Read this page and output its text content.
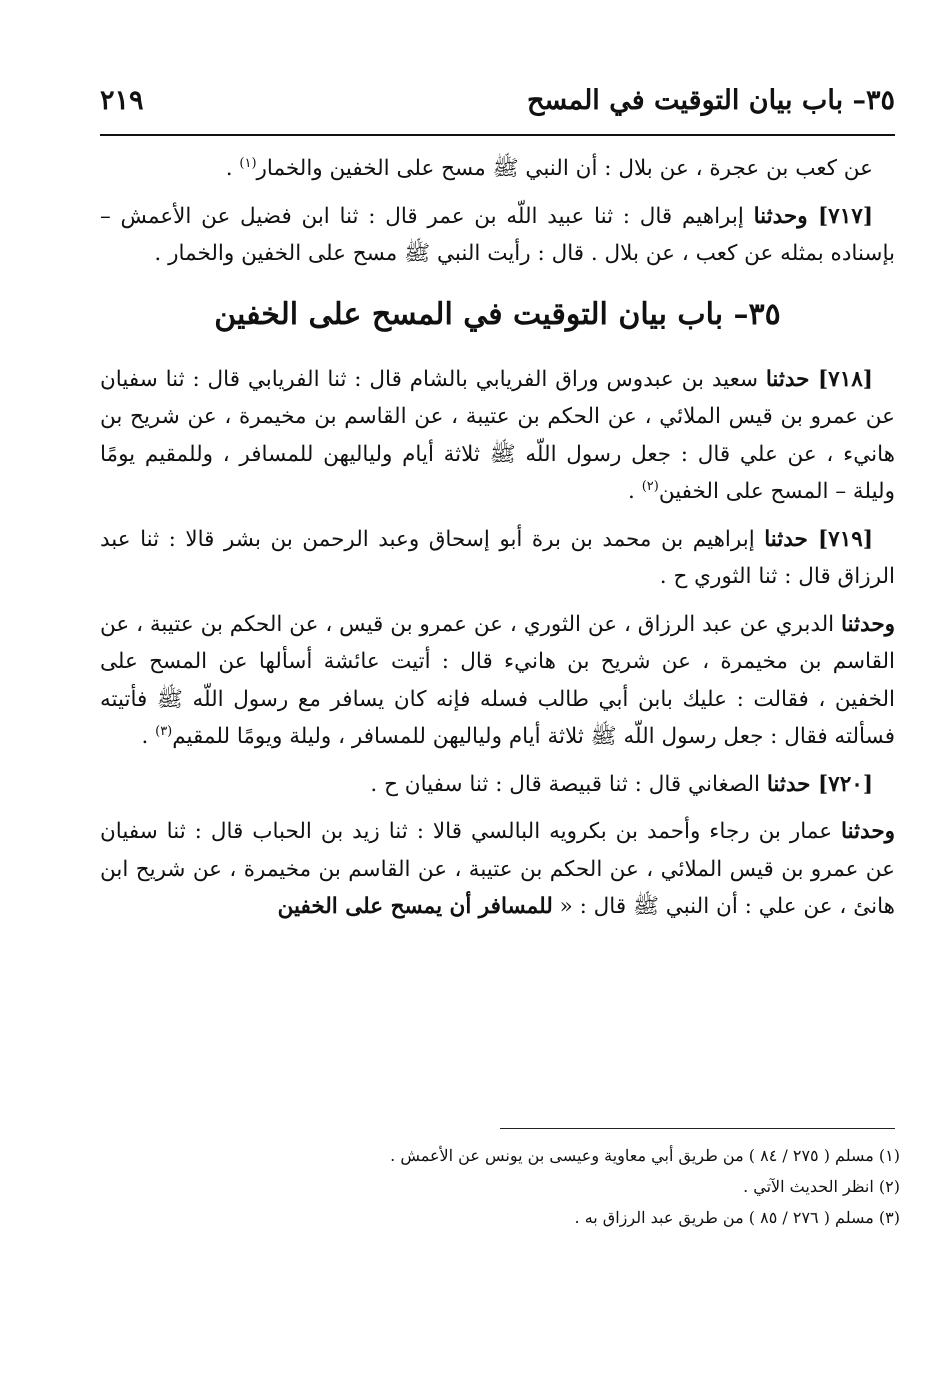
٣٥– باب بيان التوقيت في المسح
٢١٩

عن كعب بن عجرة ، عن بلال : أن النبي ﷺ مسح على الخفين والخمار$^{(١)}$ .

[٧١٧] وحدثنا إبراهيم قال : ثنا عبيد اللّه بن عمر قال : ثنا ابن فضيل عن الأعمش – بإسناده بمثله عن كعب ، عن بلال . قال : رأيت النبي ﷺ مسح على الخفين والخمار .

٣٥– باب بيان التوقيت في المسح على الخفين

[٧١٨] حدثنا سعيد بن عبدوس وراق الفريابي بالشام قال : ثنا الفريابي قال : ثنا سفيان عن عمرو بن قيس الملائي ، عن الحكم بن عتيبة ، عن القاسم بن مخيمرة ، عن شريح بن هانيء ، عن علي قال : جعل رسول اللّه ﷺ ثلاثة أيام ولياليهن للمسافر ، وللمقيم يومًا وليلة – المسح على الخفين$^{(٢)}$ .

[٧١٩] حدثنا إبراهيم بن محمد بن برة أبو إسحاق وعبد الرحمن بن بشر قالا : ثنا عبد الرزاق قال : ثنا الثوري ح .

وحدثنا الدبري عن عبد الرزاق ، عن الثوري ، عن عمرو بن قيس ، عن الحكم بن عتيبة ، عن القاسم بن مخيمرة ، عن شريح بن هانيء قال : أتيت عائشة أسألها عن المسح على الخفين ، فقالت : عليك بابن أبي طالب فسله فإنه كان يسافر مع رسول اللّه ﷺ فأتيته فسألته فقال : جعل رسول اللّه ﷺ ثلاثة أيام ولياليهن للمسافر ، وليلة ويومًا للمقيم$^{(٣)}$ .

[٧٢٠] حدثنا الصغاني قال : ثنا قبيصة قال : ثنا سفيان ح .

وحدثنا عمار بن رجاء وأحمد بن بكرويه البالسي قالا : ثنا زيد بن الحباب قال : ثنا سفيان عن عمرو بن قيس الملائي ، عن الحكم بن عتيبة ، عن القاسم بن مخيمرة ، عن شريح ابن هانئ ، عن علي : أن النبي ﷺ قال : « للمسافر أن يمسح على الخفين

(١) مسلم ( ٢٧٥ / ٨٤ ) من طريق أبي معاوية وعيسى بن يونس عن الأعمش .
(٢) انظر الحديث الآتي .
(٣) مسلم ( ٢٧٦ / ٨٥ ) من طريق عبد الرزاق به .
